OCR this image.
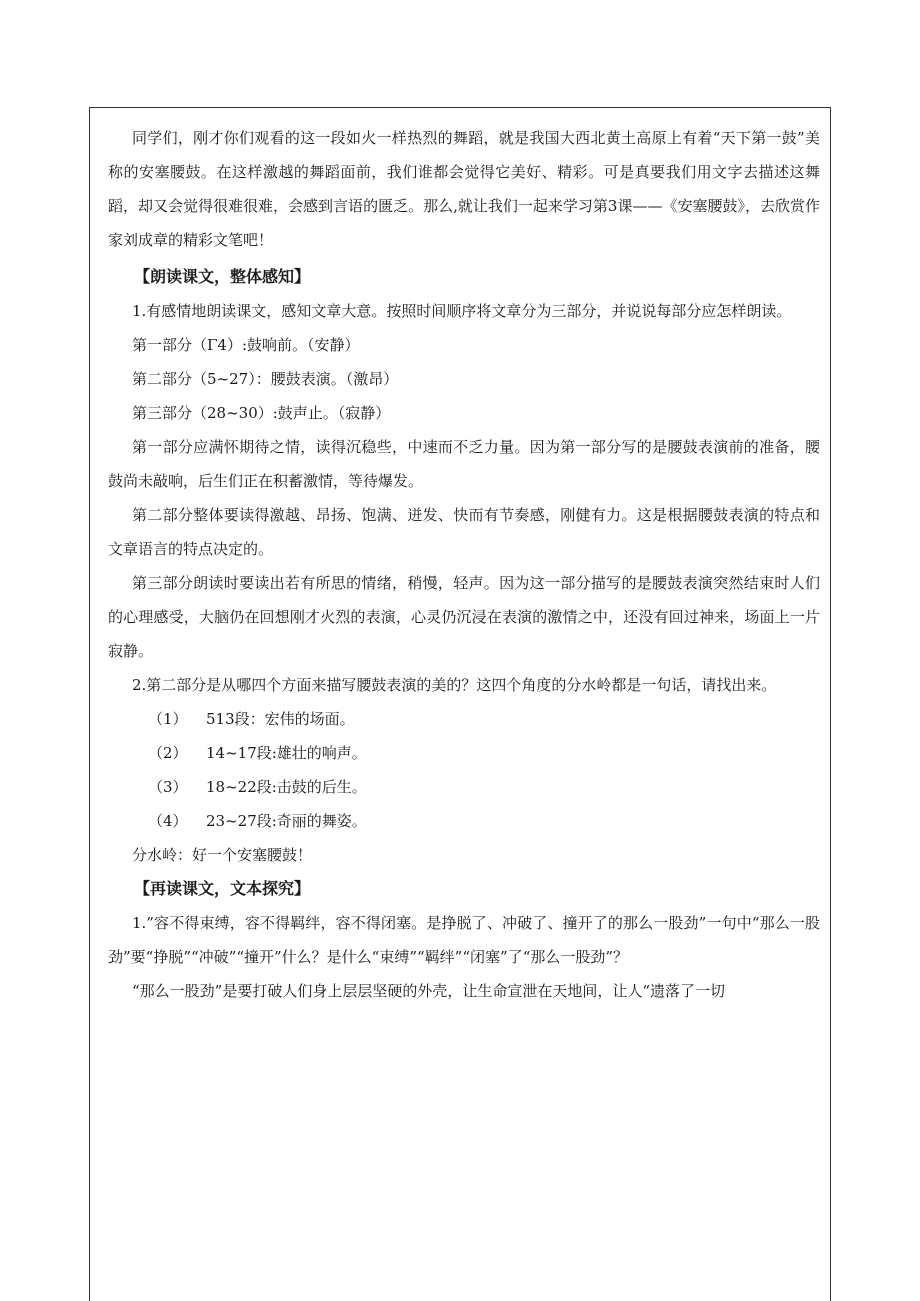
同学们，刚才你们观看的这一段如火一样热烈的舞蹈，就是我国大西北黄土高原上有着“天下第一鼓”美称的安塞腰鼓。在这样激越的舞蹈面前，我们谁都会觉得它美好、精彩。可是真要我们用文字去描述这舞蹈，却又会觉得很难很难，会感到言语的匮乏。那么,就让我们一起来学习第3课——《安塞腰鼓》，去欣赏作家刘成章的精彩文笔吧！

【朗读课文，整体感知】

1.有感情地朗读课文，感知文章大意。按照时间顺序将文章分为三部分，并说说每部分应怎样朗读。

第一部分（Γ4）:鼓响前。（安静）

第二部分（5~27）：腰鼓表演。（激昂）

第三部分（28~30）:鼓声止。（寂静）

第一部分应满怀期待之情，读得沉稳些，中速而不乏力量。因为第一部分写的是腰鼓表演前的准备，腰鼓尚未敲响，后生们正在积蓄激情，等待爆发。

第二部分整体要读得激越、昂扬、饱满、迸发、快而有节奏感，刚健有力。这是根据腰鼓表演的特点和文章语言的特点决定的。

第三部分朗读时要读出若有所思的情绪，稍慢，轻声。因为这一部分描写的是腰鼓表演突然结束时人们的心理感受，大脑仍在回想刚才火烈的表演，心灵仍沉浸在表演的激情之中，还没有回过神来，场面上一片寂静。

2.第二部分是从哪四个方面来描写腰鼓表演的美的？这四个角度的分水岭都是一句话，请找出来。

（1） 513段：宏伟的场面。

（2） 14~17段:雄壮的响声。

（3） 18~22段:击鼓的后生。

（4） 23~27段:奇丽的舞姿。

分水岭：好一个安塞腰鼓！

【再读课文，文本探究】

1.”容不得束缚，容不得羁绊，容不得闭塞。是挣脱了、冲破了、撞开了的那么一股劲”一句中“那么一股劲”要“挣脱”“冲破”“撞开”什么？是什么“束缚”“羁绊”“闭塞”了“那么一股劲”？

“那么一股劲”是要打破人们身上层层坚硬的外壳，让生命宣泄在天地间，让人“遗落了一切
